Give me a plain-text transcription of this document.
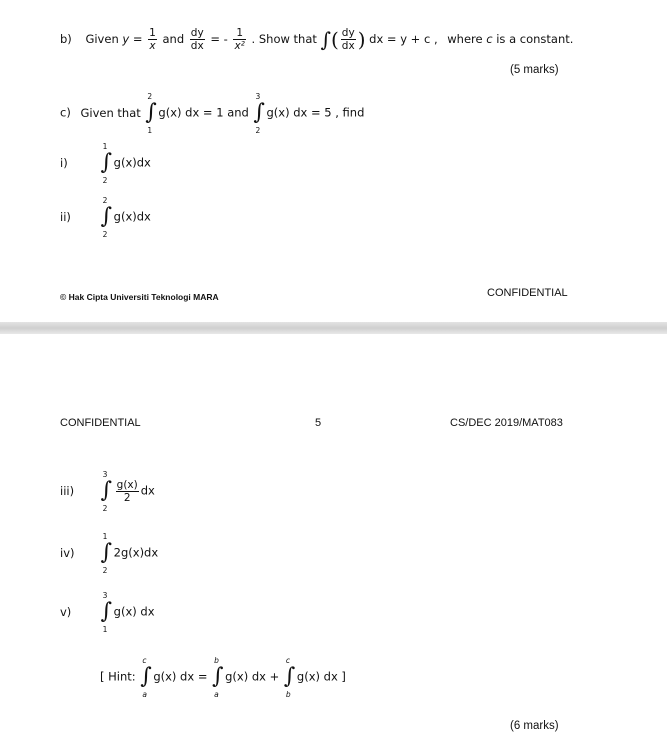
b) Given $y = \frac{1}{x}$ and $\frac{dy}{dx}$ = - $\frac{1}{\text{x²}}$ . Show that ∫( $\frac{dy}{dx}$ ) dx = y + c , where c is a constant.
(5 marks)
c) Given that
2
∫
1
g(x) dx = 1 and
3
∫
2
g(x) dx = 5 , find
i)
1
∫
2
g(x)dx
ii)
2
∫
2
g(x)dx
© Hak Cipta Universiti Teknologi MARA	CONFIDENTIAL
CONFIDENTIAL	5	CS/DEC 2019/MAT083
iii)
3
∫
2
$\frac{g(x)}{2}$ dx
iv)
1
∫
2
2g(x)dx
v)
3
∫
1
g(x) dx
[ Hint:
c
∫
a
g(x) dx =
b
∫
a
g(x) dx +
c
∫
b
g(x) dx ]
(6 marks)
